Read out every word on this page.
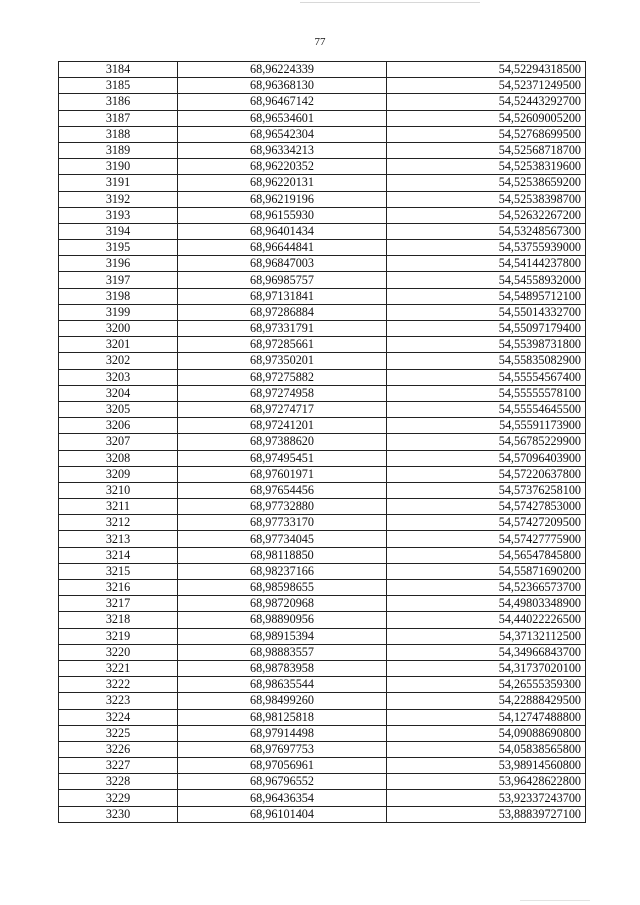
77
3184	68,96224339	54,52294318500
3185	68,96368130	54,52371249500
3186	68,96467142	54,52443292700
3187	68,96534601	54,52609005200
3188	68,96542304	54,52768699500
3189	68,96334213	54,52568718700
3190	68,96220352	54,52538319600
3191	68,96220131	54,52538659200
3192	68,96219196	54,52538398700
3193	68,96155930	54,52632267200
3194	68,96401434	54,53248567300
3195	68,96644841	54,53755939000
3196	68,96847003	54,54144237800
3197	68,96985757	54,54558932000
3198	68,97131841	54,54895712100
3199	68,97286884	54,55014332700
3200	68,97331791	54,55097179400
3201	68,97285661	54,55398731800
3202	68,97350201	54,55835082900
3203	68,97275882	54,55554567400
3204	68,97274958	54,55555578100
3205	68,97274717	54,55554645500
3206	68,97241201	54,55591173900
3207	68,97388620	54,56785229900
3208	68,97495451	54,57096403900
3209	68,97601971	54,57220637800
3210	68,97654456	54,57376258100
3211	68,97732880	54,57427853000
3212	68,97733170	54,57427209500
3213	68,97734045	54,57427775900
3214	68,98118850	54,56547845800
3215	68,98237166	54,55871690200
3216	68,98598655	54,52366573700
3217	68,98720968	54,49803348900
3218	68,98890956	54,44022226500
3219	68,98915394	54,37132112500
3220	68,98883557	54,34966843700
3221	68,98783958	54,31737020100
3222	68,98635544	54,26555359300
3223	68,98499260	54,22888429500
3224	68,98125818	54,12747488800
3225	68,97914498	54,09088690800
3226	68,97697753	54,05838565800
3227	68,97056961	53,98914560800
3228	68,96796552	53,96428622800
3229	68,96436354	53,92337243700
3230	68,96101404	53,88839727100
